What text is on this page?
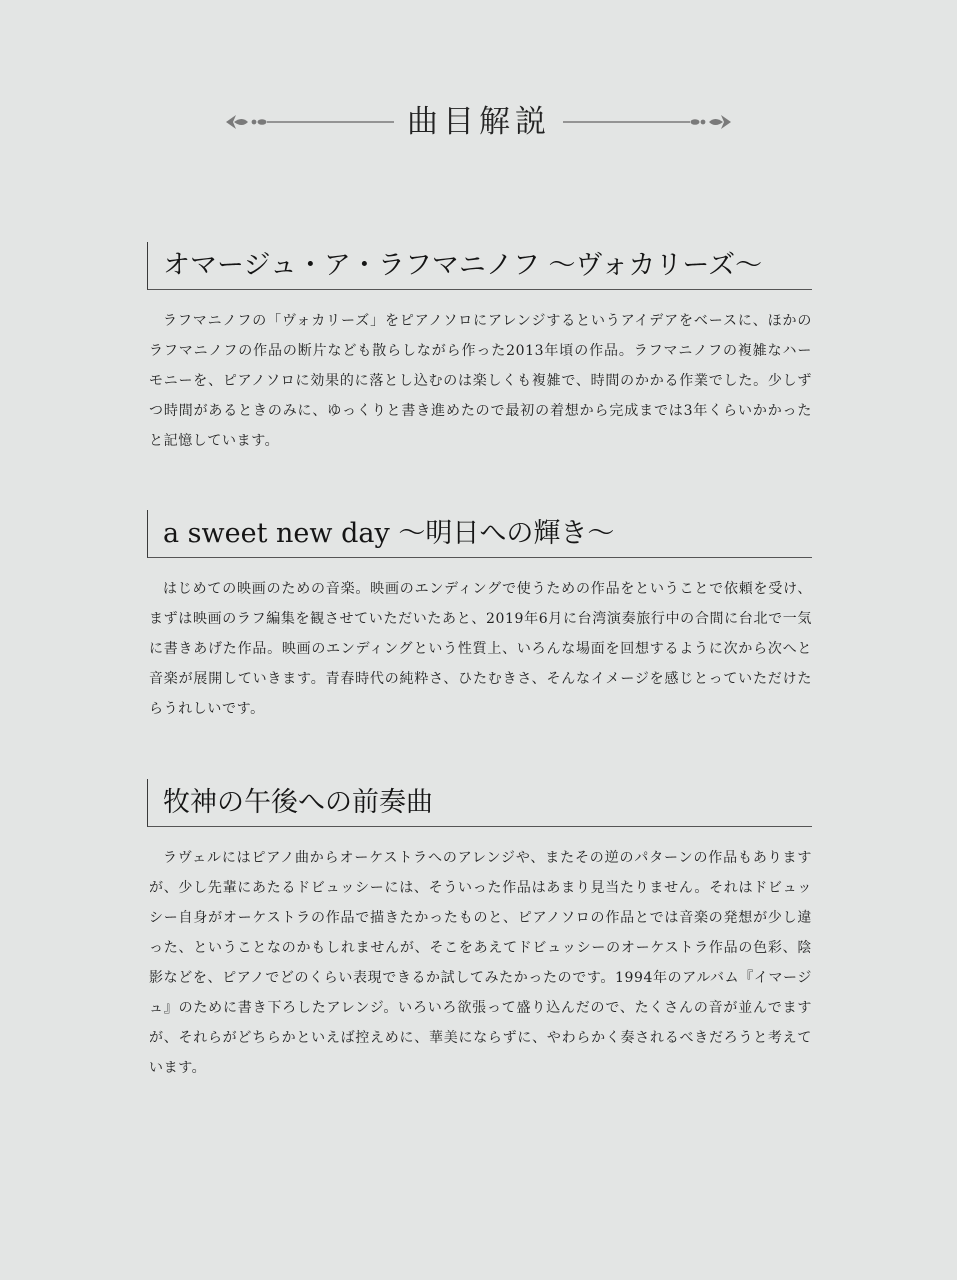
曲目解説
オマージュ・ア・ラフマニノフ 〜ヴォカリーズ〜
ラフマニノフの「ヴォカリーズ」をピアノソロにアレンジするというアイデアをベースに、ほかのラフマニノフの作品の断片なども散らしながら作った2013年頃の作品。ラフマニノフの複雑なハーモニーを、ピアノソロに効果的に落とし込むのは楽しくも複雑で、時間のかかる作業でした。少しずつ時間があるときのみに、ゆっくりと書き進めたので最初の着想から完成までは3年くらいかかったと記憶しています。
a sweet new day 〜明日への輝き〜
はじめての映画のための音楽。映画のエンディングで使うための作品をということで依頼を受け、まずは映画のラフ編集を観させていただいたあと、2019年6月に台湾演奏旅行中の合間に台北で一気に書きあげた作品。映画のエンディングという性質上、いろんな場面を回想するように次から次へと音楽が展開していきます。青春時代の純粋さ、ひたむきさ、そんなイメージを感じとっていただけたらうれしいです。
牧神の午後への前奏曲
ラヴェルにはピアノ曲からオーケストラへのアレンジや、またその逆のパターンの作品もありますが、少し先輩にあたるドビュッシーには、そういった作品はあまり見当たりません。それはドビュッシー自身がオーケストラの作品で描きたかったものと、ピアノソロの作品とでは音楽の発想が少し違った、ということなのかもしれませんが、そこをあえてドビュッシーのオーケストラ作品の色彩、陰影などを、ピアノでどのくらい表現できるか試してみたかったのです。1994年のアルバム『イマージュ』のために書き下ろしたアレンジ。いろいろ欲張って盛り込んだので、たくさんの音が並んでますが、それらがどちらかといえば控えめに、華美にならずに、やわらかく奏されるべきだろうと考えています。
